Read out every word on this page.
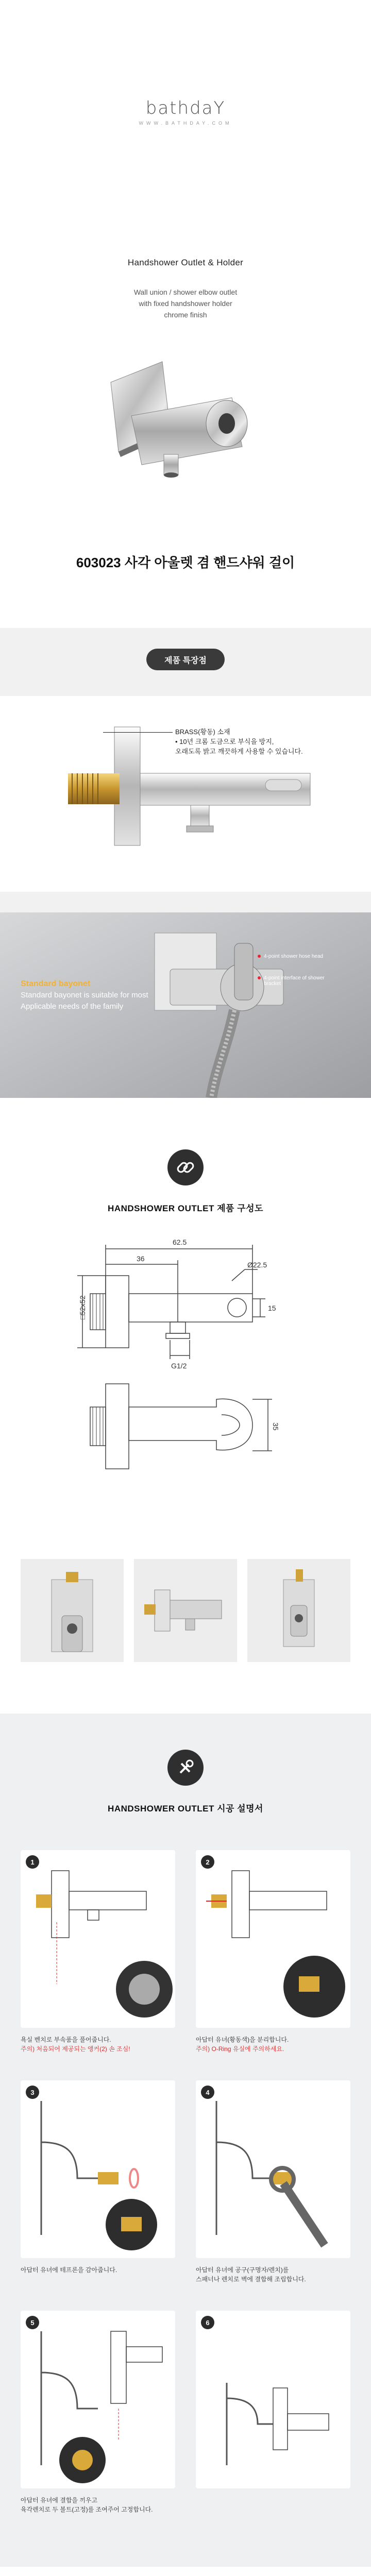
bathdaY
WWW.BATHDAY.COM
Handshower Outlet & Holder
Wall union / shower elbow outlet
with fixed handshower holder
chrome finish
603023 사각 아울렛 겸 핸드샤워 걸이
제품 특장점
BRASS(황동) 소재
• 10년 크롬 도금으로 부식을 방지,
오래도록 밝고 깨끗하게 사용할 수 있습니다.
4-point shower hose head
4-point interface of shower
bracket
Standard bayonet
Standard bayonet is suitable for most
Applicable needs of the family
HANDSHOWER OUTLET 제품 구성도
62.5
36
Ø22.5
15
□52x52
G1/2
35
HANDSHOWER OUTLET 시공 설명서
1
욕실 벤치로 부속품을 풀어줍니다.
주의) 처음되어 제공되는 앵커(2) 손 조심!
2
아답터 유녀(황동색)을 분리합니다.
주의) O-Ring 유실에 주의하세요.
3
아답터 유녀에 테프론을 감아줍니다.
4
아답터 유녀에 공구(구명자/렌치)를
스패너나 렌치로 벽에 결합해 조립합니다.
5
아답터 유녀에 결합을 끼우고
육각렌치로 두 볼트(고정)를 조여주어 고정합니다.
6
